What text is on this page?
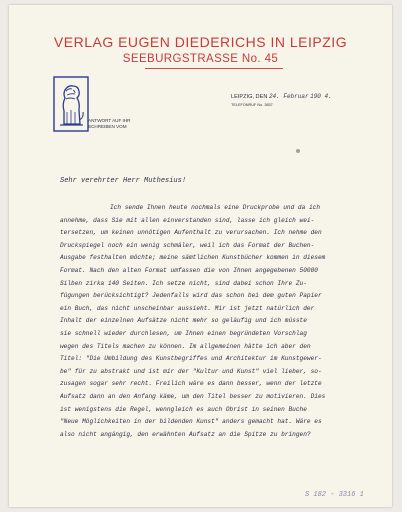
VERLAG EUGEN DIEDERICHS IN LEIPZIG
SEEBURGSTRASSE No. 45
ANTWORT AUF IHR
SCHREIBEN VOM
LEIPZIG, DEN 24. Februar 190 4.
TELEFONRUF No. 3837
Sehr verehrter Herr Muthesius!
Ich sende Ihnen heute nochmals eine Druckprobe und da ich
annehme, dass Sie mit allen einverstanden sind, lasse ich gleich wei-
tersetzen, um keinen unnötigen Aufenthalt zu verursachen. Ich nehme den
Druckspiegel noch ein wenig schmäler, weil ich das Format der Buchen-
Ausgabe festhalten möchte; meine sämtlichen Kunstbücher kommen in diesem
Format. Nach den alten Format umfassen die von Ihnen angegebenen 50000
Silben zirka 140 Seiten. Ich setze nicht, sind dabei schon Ihre Zu-
fügungen berücksichtigt? Jedenfalls wird das schon bei dem guten Papier
ein Buch, das nicht unscheinbar aussieht. Mir ist jetzt natürlich der
Inhalt der einzelnen Aufsätze nicht mehr so geläufig und ich müsste
sie schnell wieder durchlesen, um Ihnen einen begründeten Vorschlag
wegen des Titels machen zu können. Im allgemeinen hätte ich aber den
Titel: "Die Umbildung des Kunstbegriffes und Architektur im Kunstgewer-
be" für zu abstrakt und ist mir der "Kultur und Kunst" viel lieber, so-
zusagen sogar sehr recht. Freilich wäre es dann besser, wenn der letzte
Aufsatz dann an den Anfang käme, um den Titel besser zu motivieren. Dies
ist wenigstens die Regel, wenngleich es auch Obrist in seinen Buche
"Neue Möglichkeiten in der bildenden Kunst" anders gemacht hat. Wäre es
also nicht angängig, den erwähnten Aufsatz an die Spitze zu bringen?
S 182 - 3316 1
